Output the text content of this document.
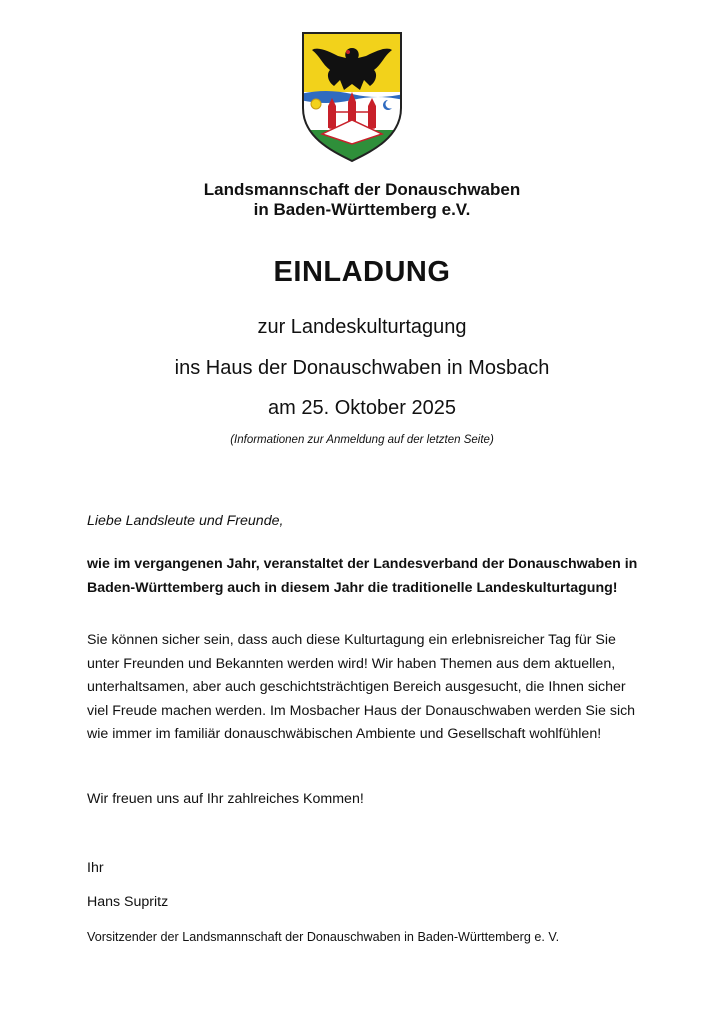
Landsmannschaft der Donauschwaben
in Baden-Württemberg e.V.
EINLADUNG
zur Landeskulturtagung
ins Haus der Donauschwaben in Mosbach
am 25. Oktober 2025
(Informationen zur Anmeldung auf der letzten Seite)
Liebe Landsleute und Freunde,
wie im vergangenen Jahr, veranstaltet der Landesverband der Donauschwaben in Baden-Württemberg auch in diesem Jahr die traditionelle Landeskulturtagung!
Sie können sicher sein, dass auch diese Kulturtagung ein erlebnisreicher Tag für Sie unter Freunden und Bekannten werden wird! Wir haben Themen aus dem aktuellen, unterhaltsamen, aber auch geschichtsträchtigen Bereich ausgesucht, die Ihnen sicher viel Freude machen werden. Im Mosbacher Haus der Donauschwaben werden Sie sich wie immer im familiär donauschwäbischen Ambiente und Gesellschaft wohlfühlen!
Wir freuen uns auf Ihr zahlreiches Kommen!
Ihr
Hans Supritz
Vorsitzender der Landsmannschaft der Donauschwaben in Baden-Württemberg e. V.
